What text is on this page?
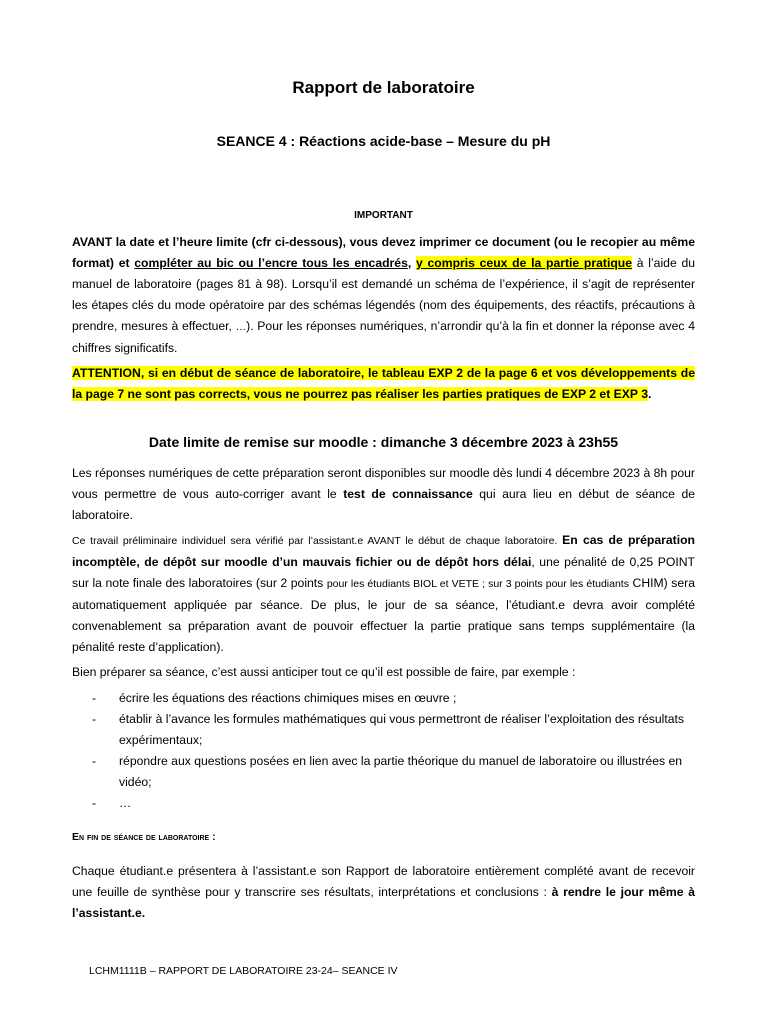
Rapport de laboratoire
SEANCE 4 : Réactions acide-base – Mesure du pH
IMPORTANT

AVANT la date et l’heure limite (cfr ci-dessous), vous devez imprimer ce document (ou le recopier au même format) et compléter au bic ou l’encre tous les encadrés, y compris ceux de la partie pratique à l’aide du manuel de laboratoire (pages 81 à 98). Lorsqu’il est demandé un schéma de l’expérience, il s’agit de représenter les étapes clés du mode opératoire par des schémas légendés (nom des équipements, des réactifs, précautions à prendre, mesures à effectuer, …). Pour les réponses numériques, n’arrondir qu’à la fin et donner la réponse avec 4 chiffres significatifs.

ATTENTION, si en début de séance de laboratoire, le tableau EXP 2 de la page 6 et vos développements de la page 7 ne sont pas corrects, vous ne pourrez pas réaliser les parties pratiques de EXP 2 et EXP 3.

Date limite de remise sur moodle : dimanche 3 décembre 2023 à 23h55

Les réponses numériques de cette préparation seront disponibles sur moodle dès lundi 4 décembre 2023 à 8h pour vous permettre de vous auto-corriger avant le test de connaissance qui aura lieu en début de séance de laboratoire.

Ce travail préliminaire individuel sera vérifié par l’assistant.e AVANT le début de chaque laboratoire. En cas de préparation incomptèle, de dépôt sur moodle d’un mauvais fichier ou de dépôt hors délai, une pénalité de 0,25 POINT sur la note finale des laboratoires (sur 2 points pour les étudiants BIOL et VETE ; sur 3 points pour les étudiants CHIM) sera automatiquement appliquée par séance. De plus, le jour de sa séance, l’étudiant.e devra avoir complété convenablement sa préparation avant de pouvoir effectuer la partie pratique sans temps supplémentaire (la pénalité reste d’application).

Bien préparer sa séance, c’est aussi anticiper tout ce qu’il est possible de faire, par exemple :

- écrire les équations des réactions chimiques mises en œuvre ;
- établir à l’avance les formules mathématiques qui vous permettront de réaliser l’exploitation des résultats expérimentaux;
- répondre aux questions posées en lien avec la partie théorique du manuel de laboratoire ou illustrées en vidéo;
- …
En fin de séance de laboratoire :

Chaque étudiant.e présentera à l’assistant.e son Rapport de laboratoire entièrement complété avant de recevoir une feuille de synthèse pour y transcrire ses résultats, interprétations et conclusions : à rendre le jour même à l’assistant.e.

LCHM1111B – RAPPORT DE LABORATOIRE 23-24– SEANCE IV
